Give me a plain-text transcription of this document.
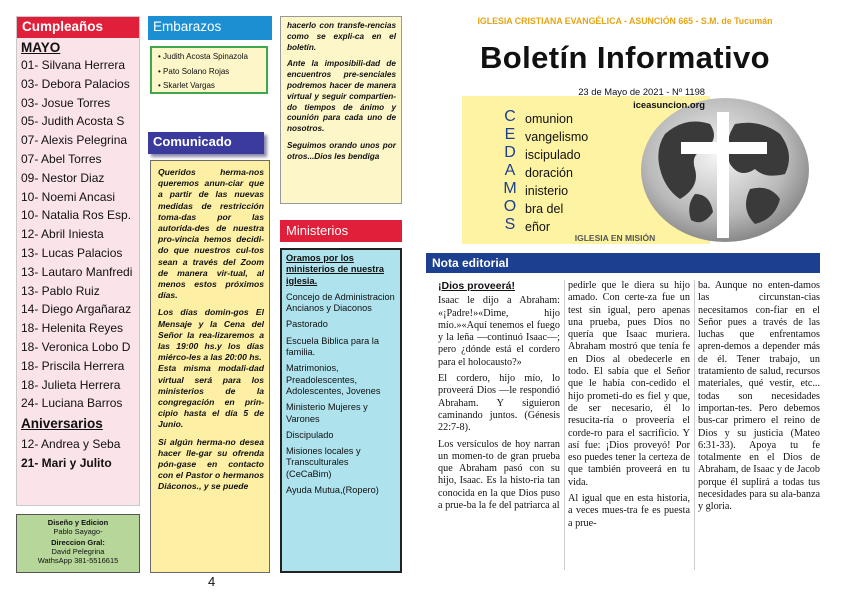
Cumpleaños
MAYO
01- Silvana Herrera
03- Debora Palacios
03- Josue Torres
05- Judith Acosta S
07- Alexis Pelegrina
07- Abel Torres
09- Nestor Diaz
10- Noemi Ancasi
10- Natalia Ros Esp.
12- Abril Iniesta
13- Lucas Palacios
13- Lautaro Manfredi
13- Pablo Ruiz
14- Diego Argañaraz
18- Helenita Reyes
18- Veronica Lobo D
18- Priscila Herrera
18- Julieta Herrera
24- Luciana Barros
Aniversarios
12- Andrea y Seba
21- Mari y Julito
Diseño y Edicion
Pablo Sayago-
Direccion Gral:
David Pelegrina
WathsApp 381-5516615
Embarazos
• Judith Acosta Spinazola
• Pato Solano Rojas
• Skarlet Vargas
Comunicado

Queridos herma-nos queremos anun-ciar que a partir de las nuevas medidas de restricción toma-das por las autorida-des de nuestra pro-vincia hemos decidi-do que nuestros cul-tos sean a través del Zoom de manera vir-tual, al menos estos próximos días.

Los días domin-gos El Mensaje y la Cena del Señor la rea-lizaremos a las 19:00 hs.y los días miérco-les a las 20:00 hs.

Esta misma modali-dad virtual será para los ministerios de la congregación en prin-cipio hasta el día 5 de Junio.

Si algún herma-no desea hacer lle-gar su ofrenda pón-gase en contacto con el Pastor o hermanos Diáconos., y se puede

hacerlo con transfe-rencias como se expli-ca en el boletín.

Ante la imposibili-dad de encuentros pre-senciales podremos hacer de manera virtual y seguir compartien-do tiempos de ánimo y counión para cada uno de nosotros.

Seguimos orando unos por otros...Dios les bendiga

Ministerios
Oramos por los ministerios de nuestra iglesia.
Concejo de Administracion Ancianos y Diaconos
Pastorado
Escuela Biblica para la familia.
Matrimonios, Preadolescentes, Adolescentes, Jovenes
Ministerio Mujeres y Varones
Discipulado
Misiones locales y Transculturales (CeCaBim)
Ayuda Mutua,(Ropero)
4
IGLESIA CRISTIANA EVANGÉLICA - ASUNCIÓN 665 - S.M. de Tucumán
Boletín Informativo
23 de Mayo de 2021 - Nº 1198
iceasuncion.org
C
E
D
A
M
O
S
omunion
vangelismo
iscipulado
doración
inisterio
bra del
eñor
IGLESIA EN MISIÓN
Nota editorial

¡Dios proveerá!

Isaac le dijo a Abraham: «¡Padre!»«Dime, hijo mío.»«Aquí tenemos el fuego y la leña —continuó Isaac—; pero ¿dónde está el cordero para el holocausto?»

El cordero, hijo mío, lo proveerá Dios —le respondió Abraham. Y siguieron caminando juntos. (Génesis 22:7-8).

Los versículos de hoy narran un momen-to de gran prueba que Abraham pasó con su hijo, Isaac. Es la histo-ria tan conocida en la que Dios puso a prue-ba la fe del patriarca al

pedirle que le diera su hijo amado. Con certe-za fue un test sin igual, pero apenas una prueba, pues Dios no quería que Isaac muriera. Abraham mostró que tenía fe en Dios al obedecerle en todo. El sabía que el Señor que le había con-cedido el hijo prometi-do es fiel y que, de ser necesario, él lo resucita-ría o proveería el corde-ro para el sacrificio. Y así fue: ¡Dios proveyó! Por eso puedes tener la certeza de que también proveerá en tu vida.

Al igual que en esta historia, a veces mues-tra fe es puesta a prue-

ba. Aunque no enten-damos las circunstan-cias necesitamos con-fiar en el Señor pues a través de las luchas que enfrentamos apren-demos a depender más de él. Tener trabajo, un tratamiento de salud, recursos materiales, qué vestir, etc... todas son necesidades importan-tes. Pero debemos bus-car primero el reino de Dios y su justicia (Mateo 6:31-33). Apoya tu fe totalmente en el Dios de Abraham, de Isaac y de Jacob porque él suplirá a todas tus necesidades para su ala-banza y gloria.
